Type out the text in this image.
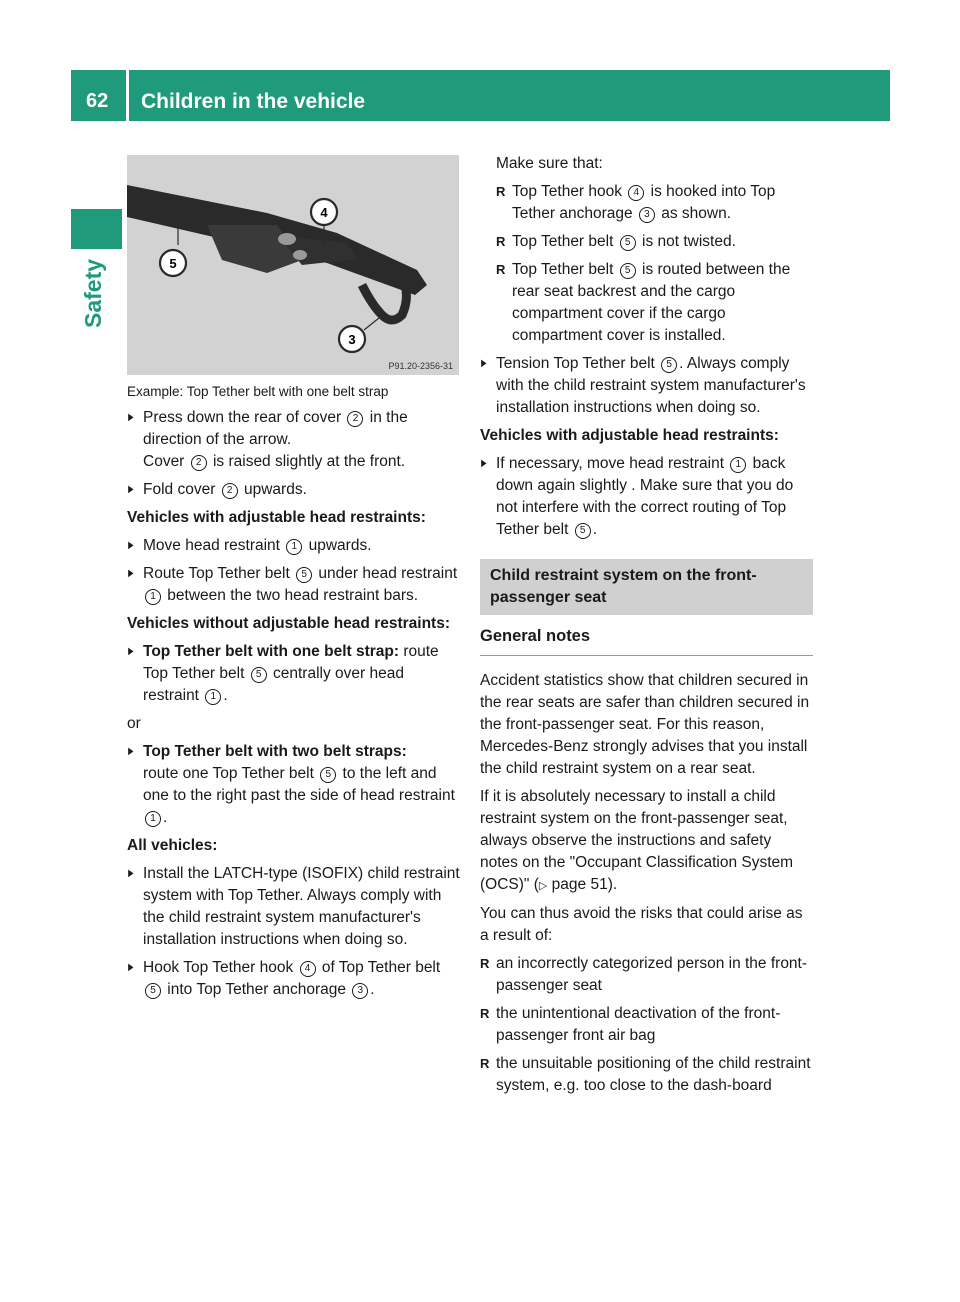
62 Children in the vehicle
Safety	5
4
3
P91.20-2356-31
Example: Top Tether belt with one belt strap
▶ Press down the rear of cover 2 in the direction of the arrow.
Cover 2 is raised slightly at the front.
▶ Fold cover 2 upwards.
Vehicles with adjustable head restraints:
▶ Move head restraint 1 upwards.
▶ Route Top Tether belt 5 under head restraint 1 between the two head restraint bars.
Vehicles without adjustable head restraints:
▶ Top Tether belt with one belt strap: route Top Tether belt 5 centrally over head restraint 1 .

or

▶ Top Tether belt with two belt straps:
route one Top Tether belt 5 to the left and one to the right past the side of head restraint 1 .
All vehicles:
▶ Install the LATCH-type (ISOFIX) child restraint system with Top Tether. Always comply with the child restraint system manufacturer's installation instructions when doing so.
▶ Hook Top Tether hook 4 of Top Tether belt 5 into Top Tether anchorage 3 .

Make sure that:

R Top Tether hook 4 is hooked into Top Tether anchorage 3 as shown.
R Top Tether belt 5 is not twisted.
R Top Tether belt 5 is routed between the rear seat backrest and the cargo compartment cover if the cargo compartment cover is installed.
▶ Tension Top Tether belt 5 . Always comply with the child restraint system manufacturer's installation instructions when doing so.
Vehicles with adjustable head restraints:
▶ If necessary, move head restraint 1 back down again slightly . Make sure that you do not interfere with the correct routing of Top Tether belt 5 .
Child restraint system on the front-passenger seat
General notes

Accident statistics show that children secured in the rear seats are safer than children secured in the front-passenger seat. For this reason, Mercedes-Benz strongly advises that you install the child restraint system on a rear seat.

If it is absolutely necessary to install a child restraint system on the front-passenger seat, always observe the instructions and safety notes on the "Occupant Classification System (OCS)" (▷ page 51).

You can thus avoid the risks that could arise as a result of:

R an incorrectly categorized person in the front-passenger seat
R the unintentional deactivation of the front-passenger front air bag
R the unsuitable positioning of the child restraint system, e.g. too close to the dash-board
